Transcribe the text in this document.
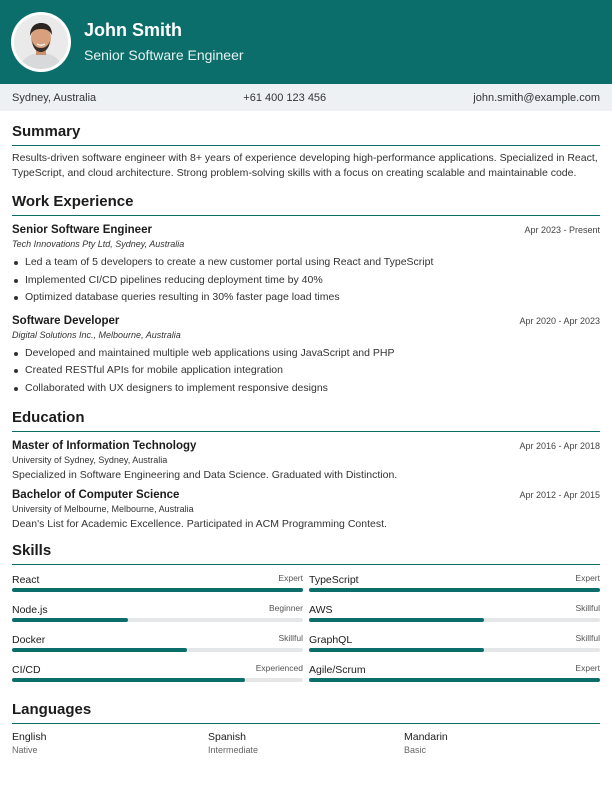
John Smith
Senior Software Engineer
Sydney, Australia	+61 400 123 456	john.smith@example.com
Summary

Results-driven software engineer with 8+ years of experience developing high-performance applications. Specialized in React, TypeScript, and cloud architecture. Strong problem-solving skills with a focus on creating scalable and maintainable code.

Work Experience
Senior Software Engineer	Apr 2023 - Present
Tech Innovations Pty Ltd, Sydney, Australia
Led a team of 5 developers to create a new customer portal using React and TypeScript
Implemented CI/CD pipelines reducing deployment time by 40%
Optimized database queries resulting in 30% faster page load times
Software Developer	Apr 2020 - Apr 2023
Digital Solutions Inc., Melbourne, Australia
Developed and maintained multiple web applications using JavaScript and PHP
Created RESTful APIs for mobile application integration
Collaborated with UX designers to implement responsive designs
Education
Master of Information Technology	Apr 2016 - Apr 2018
University of Sydney, Sydney, Australia
Specialized in Software Engineering and Data Science. Graduated with Distinction.
Bachelor of Computer Science	Apr 2012 - Apr 2015
University of Melbourne, Melbourne, Australia
Dean's List for Academic Excellence. Participated in ACM Programming Contest.
Skills
React	Expert TypeScript	Expert
Node.js	Beginner AWS	Skillful
Docker	Skillful GraphQL	Skillful
CI/CD	Experienced Agile/Scrum	Expert
Languages
English
Native
Spanish
Intermediate
Mandarin
Basic
